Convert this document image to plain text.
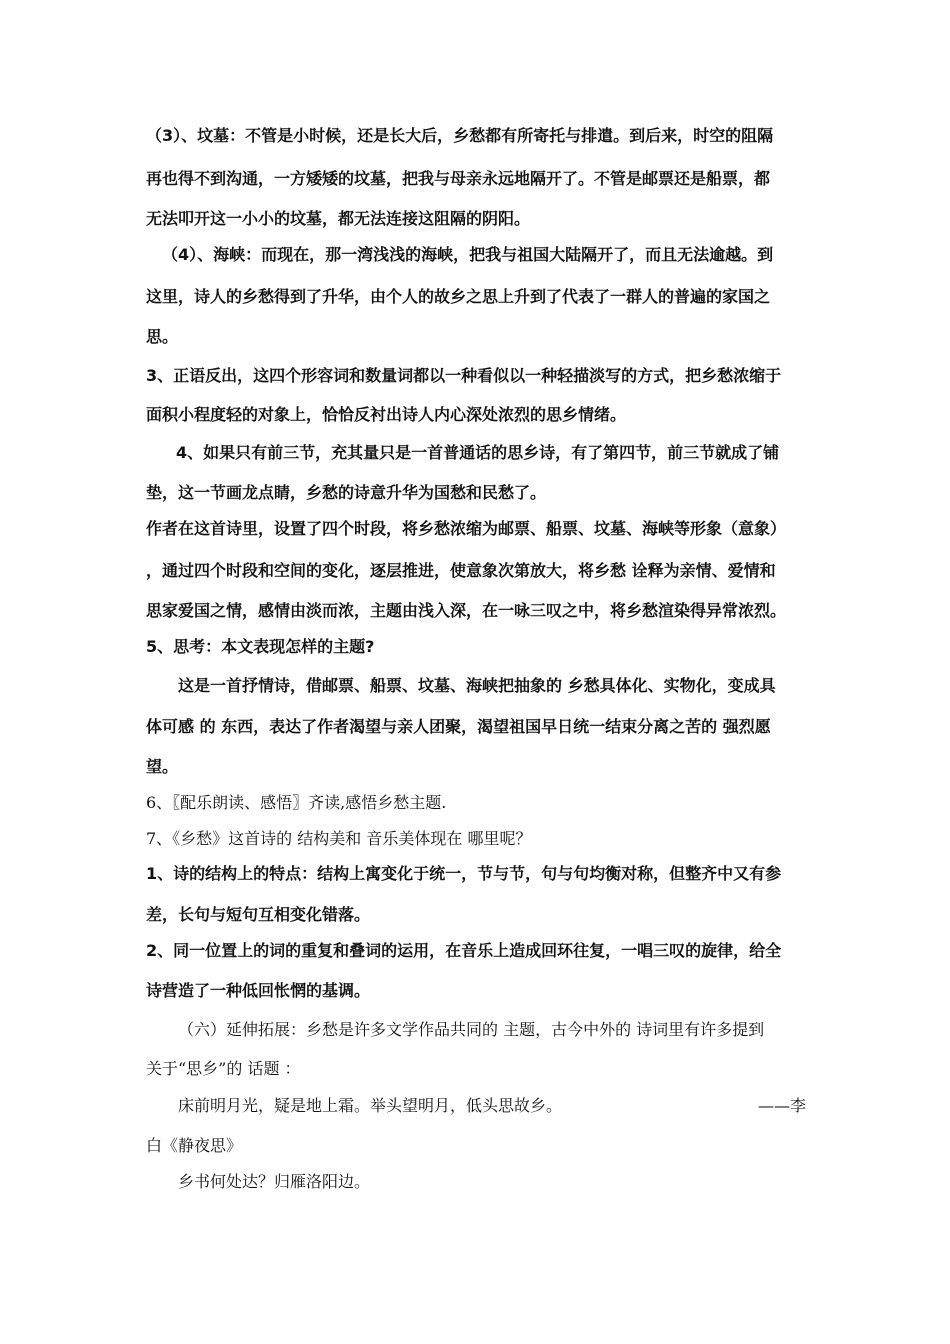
（3）、坟墓：不管是小时候，还是长大后，乡愁都有所寄托与排遣。到后来，时空的阻隔
再也得不到沟通，一方矮矮的坟墓，把我与母亲永远地隔开了。不管是邮票还是船票，都
无法叩开这一小小的坟墓，都无法连接这阻隔的阴阳。
（4）、海峡：而现在，那一湾浅浅的海峡，把我与祖国大陆隔开了，而且无法逾越。到
这里，诗人的乡愁得到了升华，由个人的故乡之思上升到了代表了一群人的普遍的家国之
思。
3、正语反出，这四个形容词和数量词都以一种看似以一种轻描淡写的方式，把乡愁浓缩于
面积小程度轻的对象上，恰恰反衬出诗人内心深处浓烈的思乡情绪。
4、如果只有前三节，充其量只是一首普通话的思乡诗，有了第四节，前三节就成了铺
垫，这一节画龙点睛，乡愁的诗意升华为国愁和民愁了。
作者在这首诗里，设置了四个时段，将乡愁浓缩为邮票、船票、坟墓、海峡等形象（意象）
，通过四个时段和空间的变化，逐层推进，使意象次第放大，将乡愁 诠释为亲情、爱情和
思家爱国之情，感情由淡而浓，主题由浅入深，在一咏三叹之中，将乡愁渲染得异常浓烈。
5、思考：本文表现怎样的主题?
这是一首抒情诗，借邮票、船票、坟墓、海峡把抽象的 乡愁具体化、实物化，变成具
体可感 的 东西，表达了作者渴望与亲人团聚，渴望祖国早日统一结束分离之苦的 强烈愿
望。
6、〖配乐朗读、感悟〗齐读,感悟乡愁主题.
7、《乡愁》这首诗的 结构美和 音乐美体现在 哪里呢？
1、诗的结构上的特点：结构上寓变化于统一，节与节，句与句均衡对称，但整齐中又有参
差，长句与短句互相变化错落。
2、同一位置上的词的重复和叠词的运用，在音乐上造成回环往复，一唱三叹的旋律，给全
诗营造了一种低回怅惘的基调。
（六）延伸拓展：乡愁是许多文学作品共同的 主题，古今中外的 诗词里有许多提到
关于“思乡”的 话题 ：
床前明月光，疑是地上霜。举头望明月，低头思故乡。	——李
白《静夜思》
乡书何处达？归雁洛阳边。
